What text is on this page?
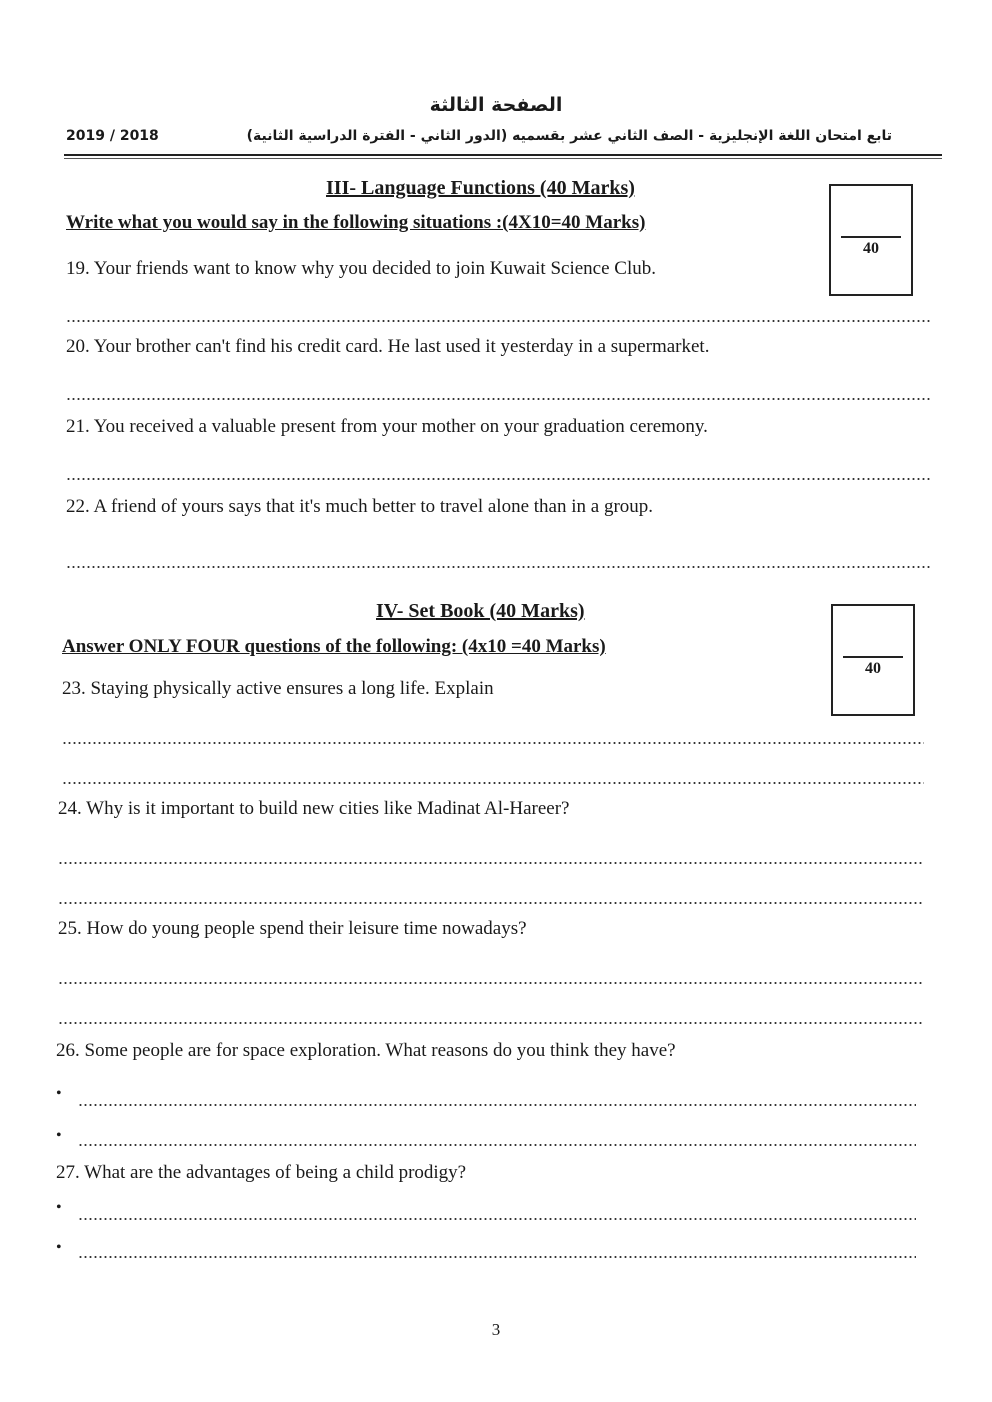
الصفحة الثالثة
2019 / 2018	تابع امتحان اللغة الإنجليزية - الصف الثاني عشر بقسميه (الدور الثاني - الفترة الدراسية الثانية)
III- Language Functions (40 Marks)
Write what you would say in the following situations :(4X10=40 Marks)
40
19. Your friends want to know why you decided to join Kuwait Science Club.
20. Your brother can't find his credit card. He last used it yesterday in a supermarket.
21. You received a valuable present from your mother on your graduation ceremony.
22. A friend of yours says that it's much better to travel alone than in a group.
IV- Set Book (40 Marks)
Answer ONLY FOUR questions of the following: (4x10 =40 Marks)
40
23. Staying physically active ensures a long life. Explain
24. Why is it important to build new cities like Madinat Al-Hareer?
25. How do young people spend their leisure time nowadays?
26. Some people are for space exploration. What reasons do you think they have?
•
•
27. What are the advantages of being a child prodigy?
•
•
3
